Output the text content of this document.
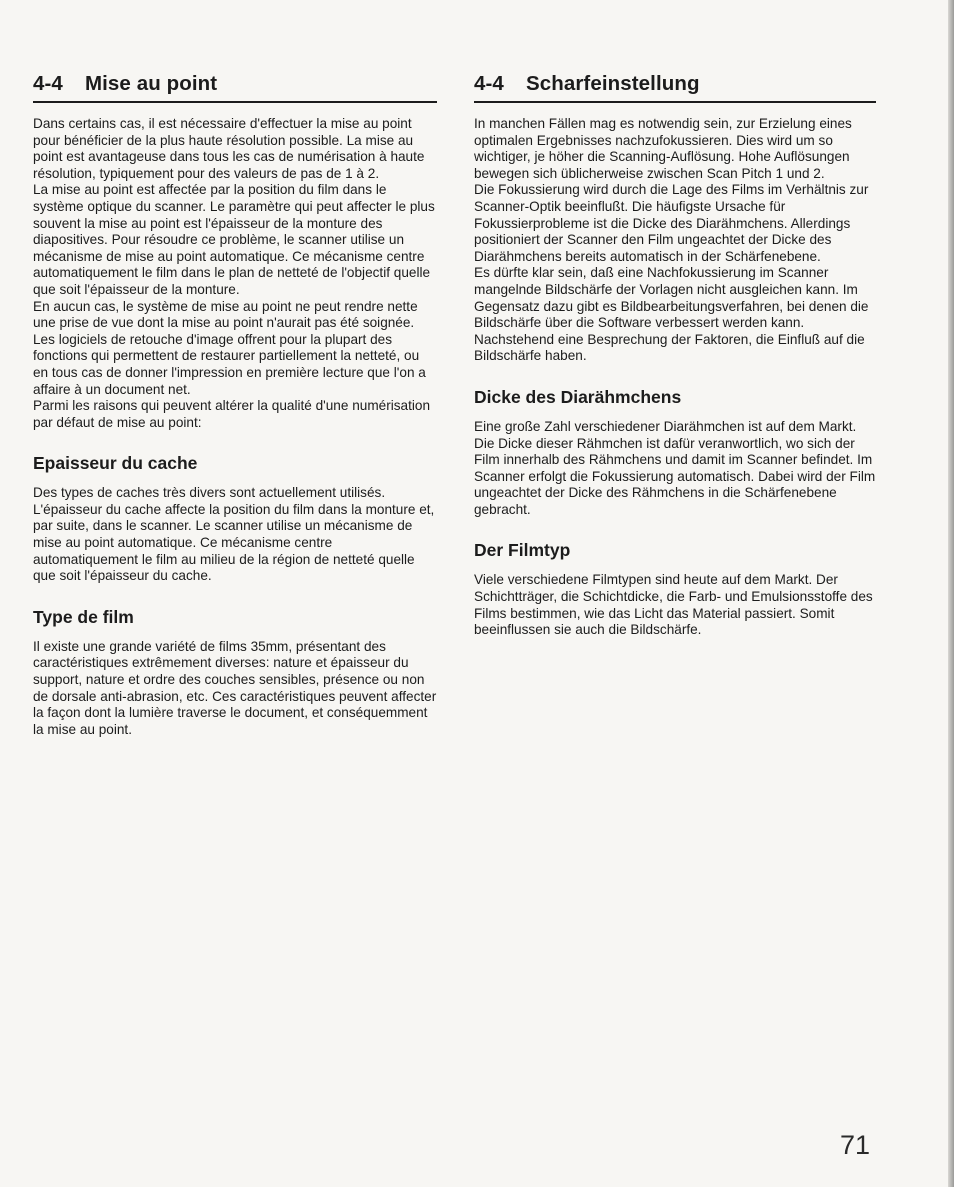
4-4 Mise au point

Dans certains cas, il est nécessaire d'effectuer la mise au point pour bénéficier de la plus haute résolution possible. La mise au point est avantageuse dans tous les cas de numérisation à haute résolution, typiquement pour des valeurs de pas de 1 à 2.

La mise au point est affectée par la position du film dans le système optique du scanner. Le paramètre qui peut affecter le plus souvent la mise au point est l'épaisseur de la monture des diapositives. Pour résoudre ce problème, le scanner utilise un mécanisme de mise au point automatique. Ce mécanisme centre automatiquement le film dans le plan de netteté de l'objectif quelle que soit l'épaisseur de la monture.

En aucun cas, le système de mise au point ne peut rendre nette une prise de vue dont la mise au point n'aurait pas été soignée. Les logiciels de retouche d'image offrent pour la plupart des fonctions qui permettent de restaurer partiellement la netteté, ou en tous cas de donner l'impression en première lecture que l'on a affaire à un document net.

Parmi les raisons qui peuvent altérer la qualité d'une numérisation par défaut de mise au point:

Epaisseur du cache
Des types de caches très divers sont actuellement utilisés. L'épaisseur du cache affecte la position du film dans la monture et, par suite, dans le scanner. Le scanner utilise un mécanisme de mise au point automatique. Ce mécanisme centre automatiquement le film au milieu de la région de netteté quelle que soit l'épaisseur du cache.
Type de film
Il existe une grande variété de films 35mm, présentant des caractéristiques extrêmement diverses: nature et épaisseur du support, nature et ordre des couches sensibles, présence ou non de dorsale anti-abrasion, etc. Ces caractéristiques peuvent affecter la façon dont la lumière traverse le document, et conséquemment la mise au point.
4-4 Scharfeinstellung

In manchen Fällen mag es notwendig sein, zur Erzielung eines optimalen Ergebnisses nachzufokussieren. Dies wird um so wichtiger, je höher die Scanning-Auflösung. Hohe Auflösungen bewegen sich üblicherweise zwischen Scan Pitch 1 und 2.

Die Fokussierung wird durch die Lage des Films im Verhältnis zur Scanner-Optik beeinflußt. Die häufigste Ursache für Fokussierprobleme ist die Dicke des Diarähmchens. Allerdings positioniert der Scanner den Film ungeachtet der Dicke des Diarähmchens bereits automatisch in der Schärfenebene.

Es dürfte klar sein, daß eine Nachfokussierung im Scanner mangelnde Bildschärfe der Vorlagen nicht ausgleichen kann. Im Gegensatz dazu gibt es Bildbearbeitungsverfahren, bei denen die Bildschärfe über die Software verbessert werden kann.

Nachstehend eine Besprechung der Faktoren, die Einfluß auf die Bildschärfe haben.

Dicke des Diarähmchens
Eine große Zahl verschiedener Diarähmchen ist auf dem Markt. Die Dicke dieser Rähmchen ist dafür veranwortlich, wo sich der Film innerhalb des Rähmchens und damit im Scanner befindet. Im Scanner erfolgt die Fokussierung automatisch. Dabei wird der Film ungeachtet der Dicke des Rähmchens in die Schärfenebene gebracht.
Der Filmtyp
Viele verschiedene Filmtypen sind heute auf dem Markt. Der Schichtträger, die Schichtdicke, die Farb- und Emulsionsstoffe des Films bestimmen, wie das Licht das Material passiert. Somit beeinflussen sie auch die Bildschärfe.
71
